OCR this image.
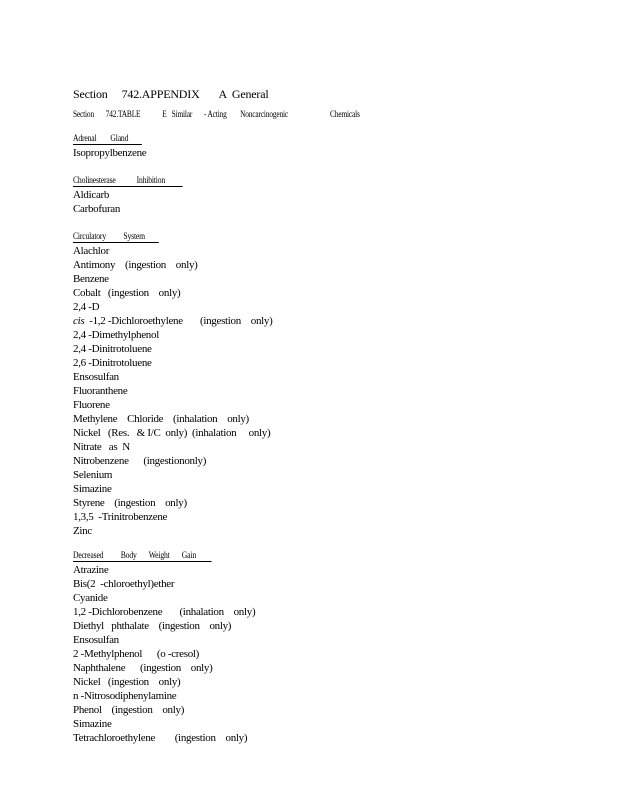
Section     742.APPENDIX       A  General
Section       742.TABLE             E   Similar       - Acting        Noncarcinogenic                         Chemicals
Adrenal        Gland
Isopropylbenzene
Cholinesterase            Inhibition
Aldicarb
Carbofuran
Circulatory          System
Alachlor
Antimony    (ingestion    only)
Benzene
Cobalt   (ingestion    only)
2,4 -D
cis  -1,2 -Dichloroethylene       (ingestion    only)
2,4 -Dimethylphenol
2,4 -Dinitrotoluene
2,6 -Dinitrotoluene
Ensosulfan
Fluoranthene
Fluorene
Methylene    Chloride    (inhalation    only)
Nickel   (Res.   & I/C  only)  (inhalation     only)
Nitrate   as  N
Nitrobenzene      (ingestiononly)
Selenium
Simazine
Styrene    (ingestion    only)
1,3,5  -Trinitrobenzene
Zinc
Decreased          Body       Weight       Gain
Atrazine
Bis(2  -chloroethyl)ether
Cyanide
1,2 -Dichlorobenzene       (inhalation    only)
Diethyl   phthalate    (ingestion    only)
Ensosulfan
2 -Methylphenol      (o -cresol)
Naphthalene      (ingestion    only)
Nickel   (ingestion    only)
n -Nitrosodiphenylamine
Phenol    (ingestion    only)
Simazine
Tetrachloroethylene        (ingestion    only)
